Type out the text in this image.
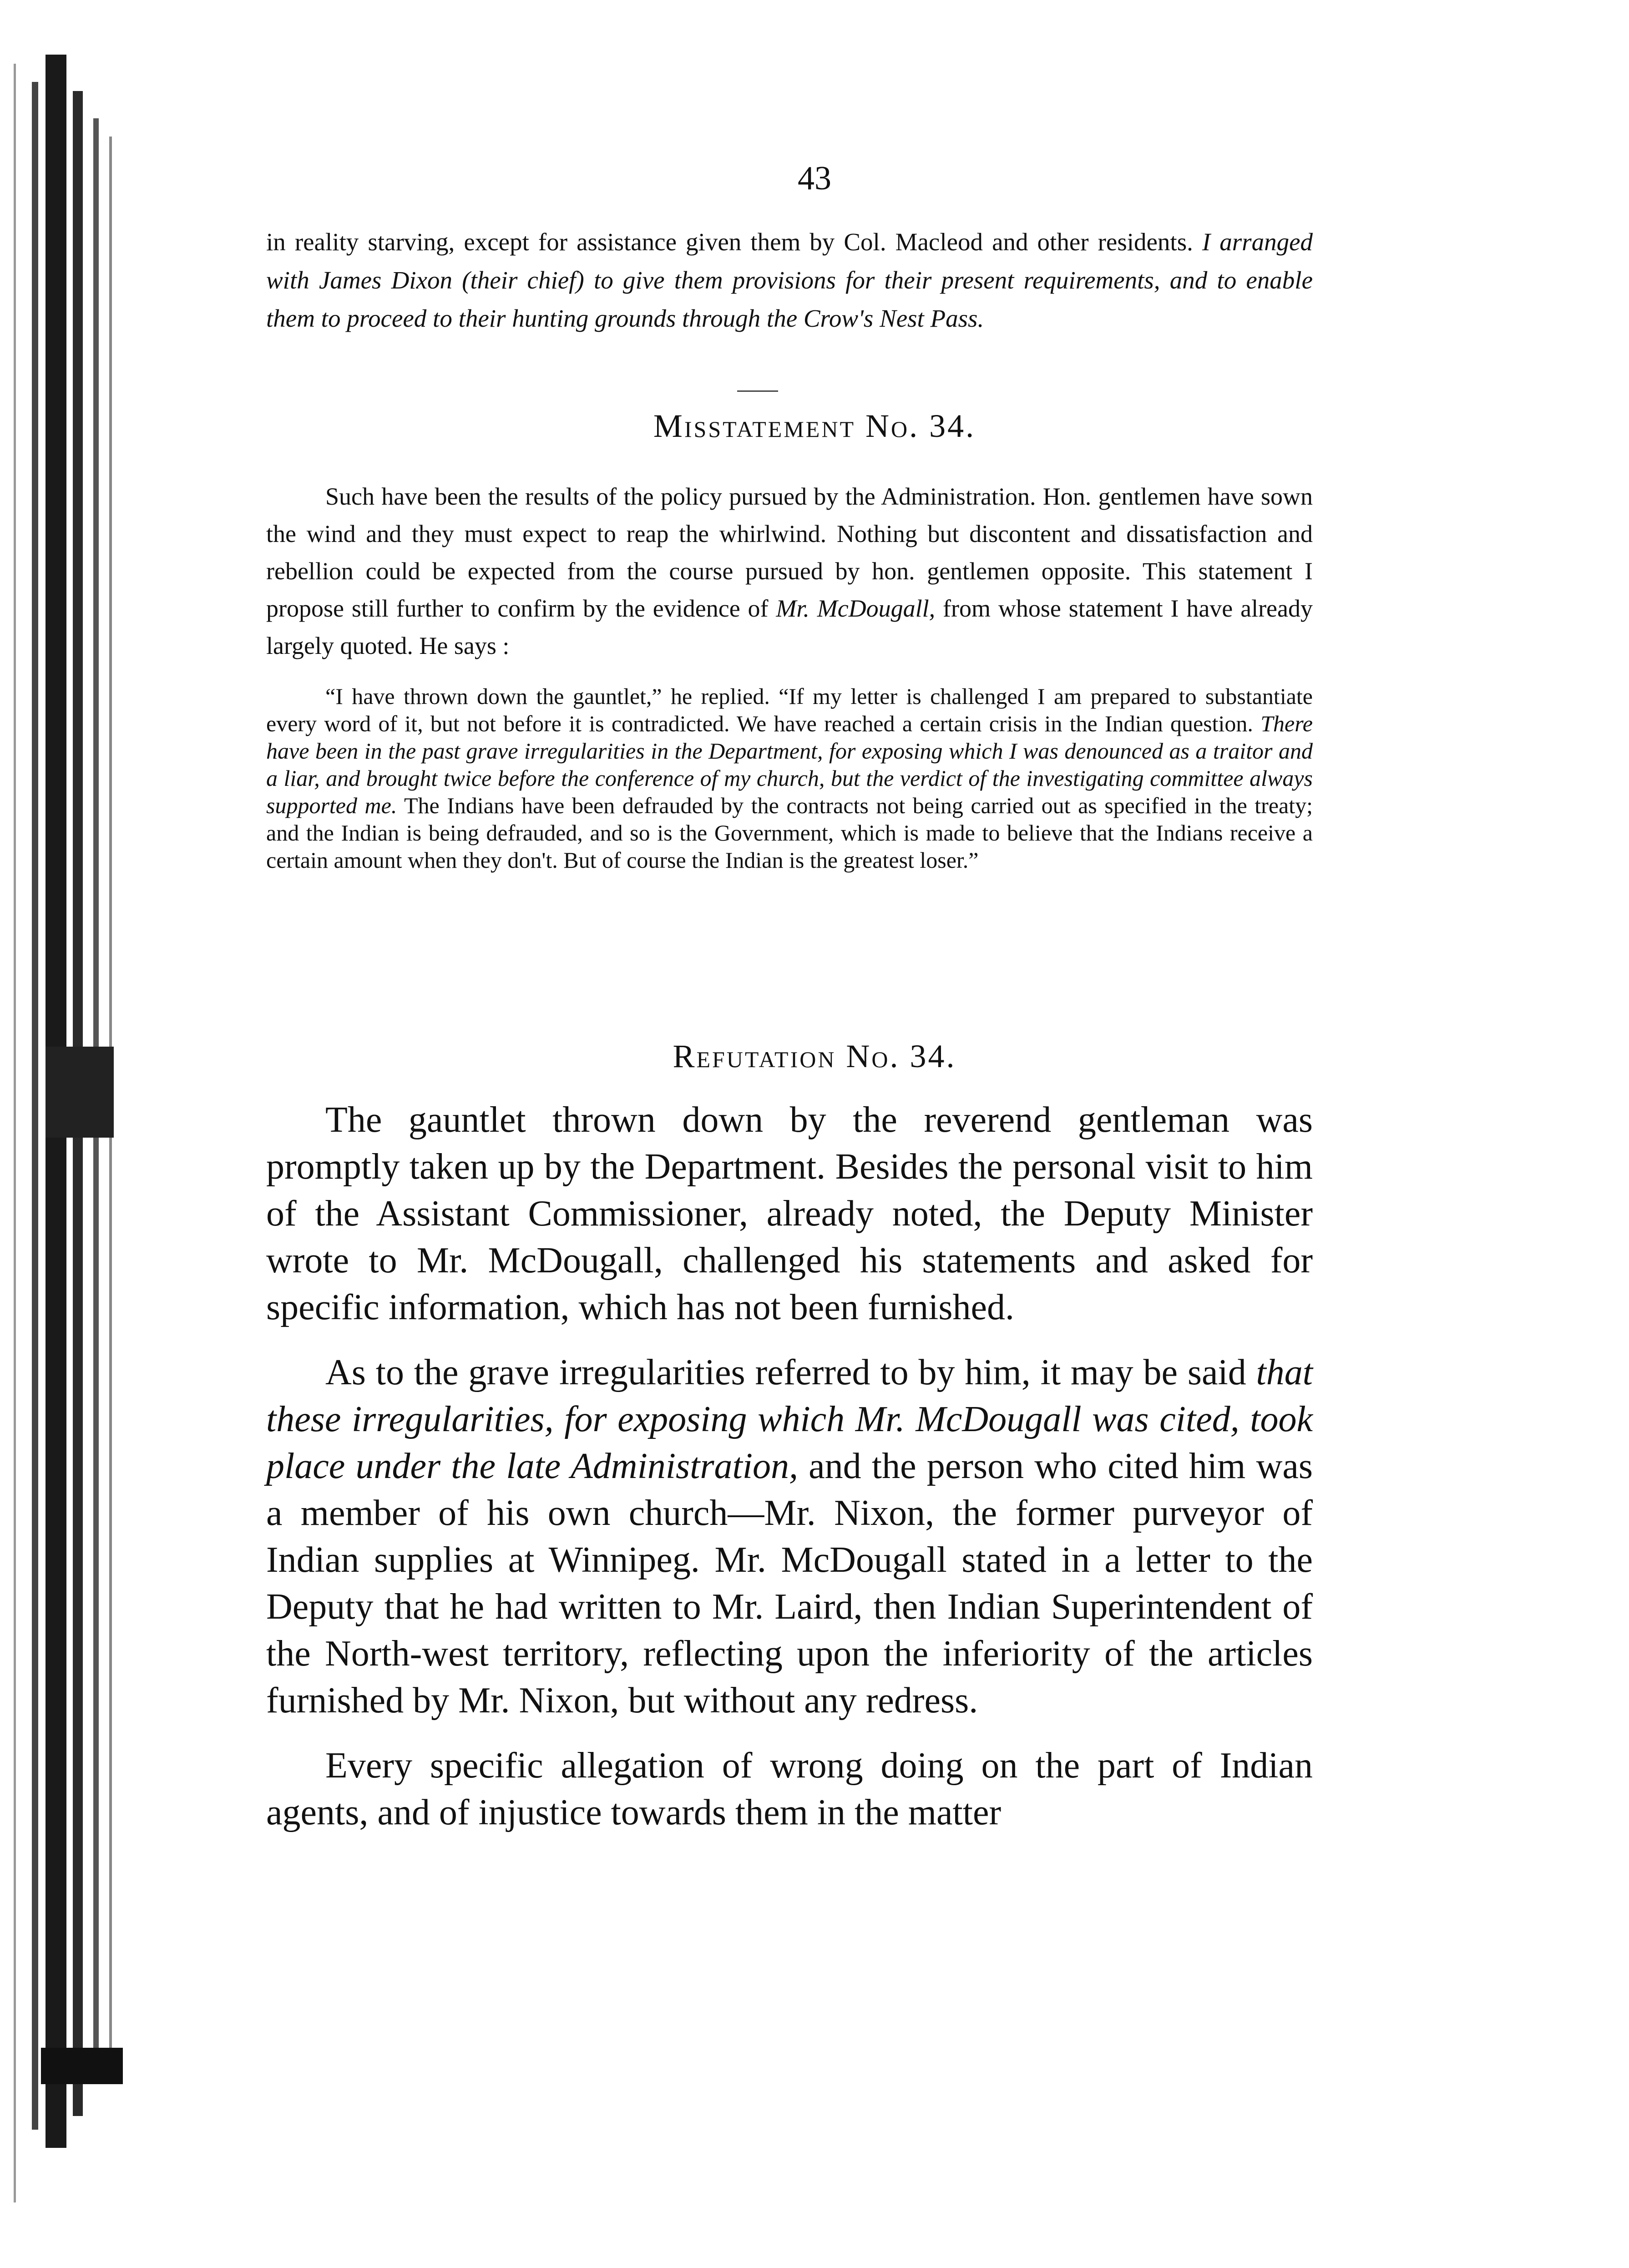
43

in reality starving, except for assistance given them by Col. Macleod and other residents. I arranged with James Dixon (their chief) to give them provisions for their present requirements, and to enable them to proceed to their hunting grounds through the Crow's Nest Pass.

Misstatement No. 34.

Such have been the results of the policy pursued by the Administration. Hon. gentlemen have sown the wind and they must expect to reap the whirlwind. Nothing but discontent and dissatisfaction and rebellion could be expected from the course pursued by hon. gentlemen opposite. This statement I propose still further to confirm by the evidence of Mr. McDougall, from whose statement I have already largely quoted. He says :

“I have thrown down the gauntlet,” he replied. “If my letter is challenged I am prepared to substantiate every word of it, but not before it is contradicted. We have reached a certain crisis in the Indian question. There have been in the past grave irregularities in the Department, for exposing which I was denounced as a traitor and a liar, and brought twice before the conference of my church, but the verdict of the investigating committee always supported me. The Indians have been defrauded by the contracts not being carried out as specified in the treaty; and the Indian is being defrauded, and so is the Government, which is made to believe that the Indians receive a certain amount when they don't. But of course the Indian is the greatest loser.”

Refutation No. 34.

The gauntlet thrown down by the reverend gentleman was promptly taken up by the Department. Besides the personal visit to him of the Assistant Commissioner, already noted, the Deputy Minister wrote to Mr. McDougall, challenged his statements and asked for specific information, which has not been furnished.

As to the grave irregularities referred to by him, it may be said that these irregularities, for exposing which Mr. McDougall was cited, took place under the late Administration, and the person who cited him was a member of his own church—Mr. Nixon, the former purveyor of Indian supplies at Winnipeg. Mr. McDougall stated in a letter to the Deputy that he had written to Mr. Laird, then Indian Superintendent of the North-west territory, reflecting upon the inferiority of the articles furnished by Mr. Nixon, but without any redress.

Every specific allegation of wrong doing on the part of Indian agents, and of injustice towards them in the matter
